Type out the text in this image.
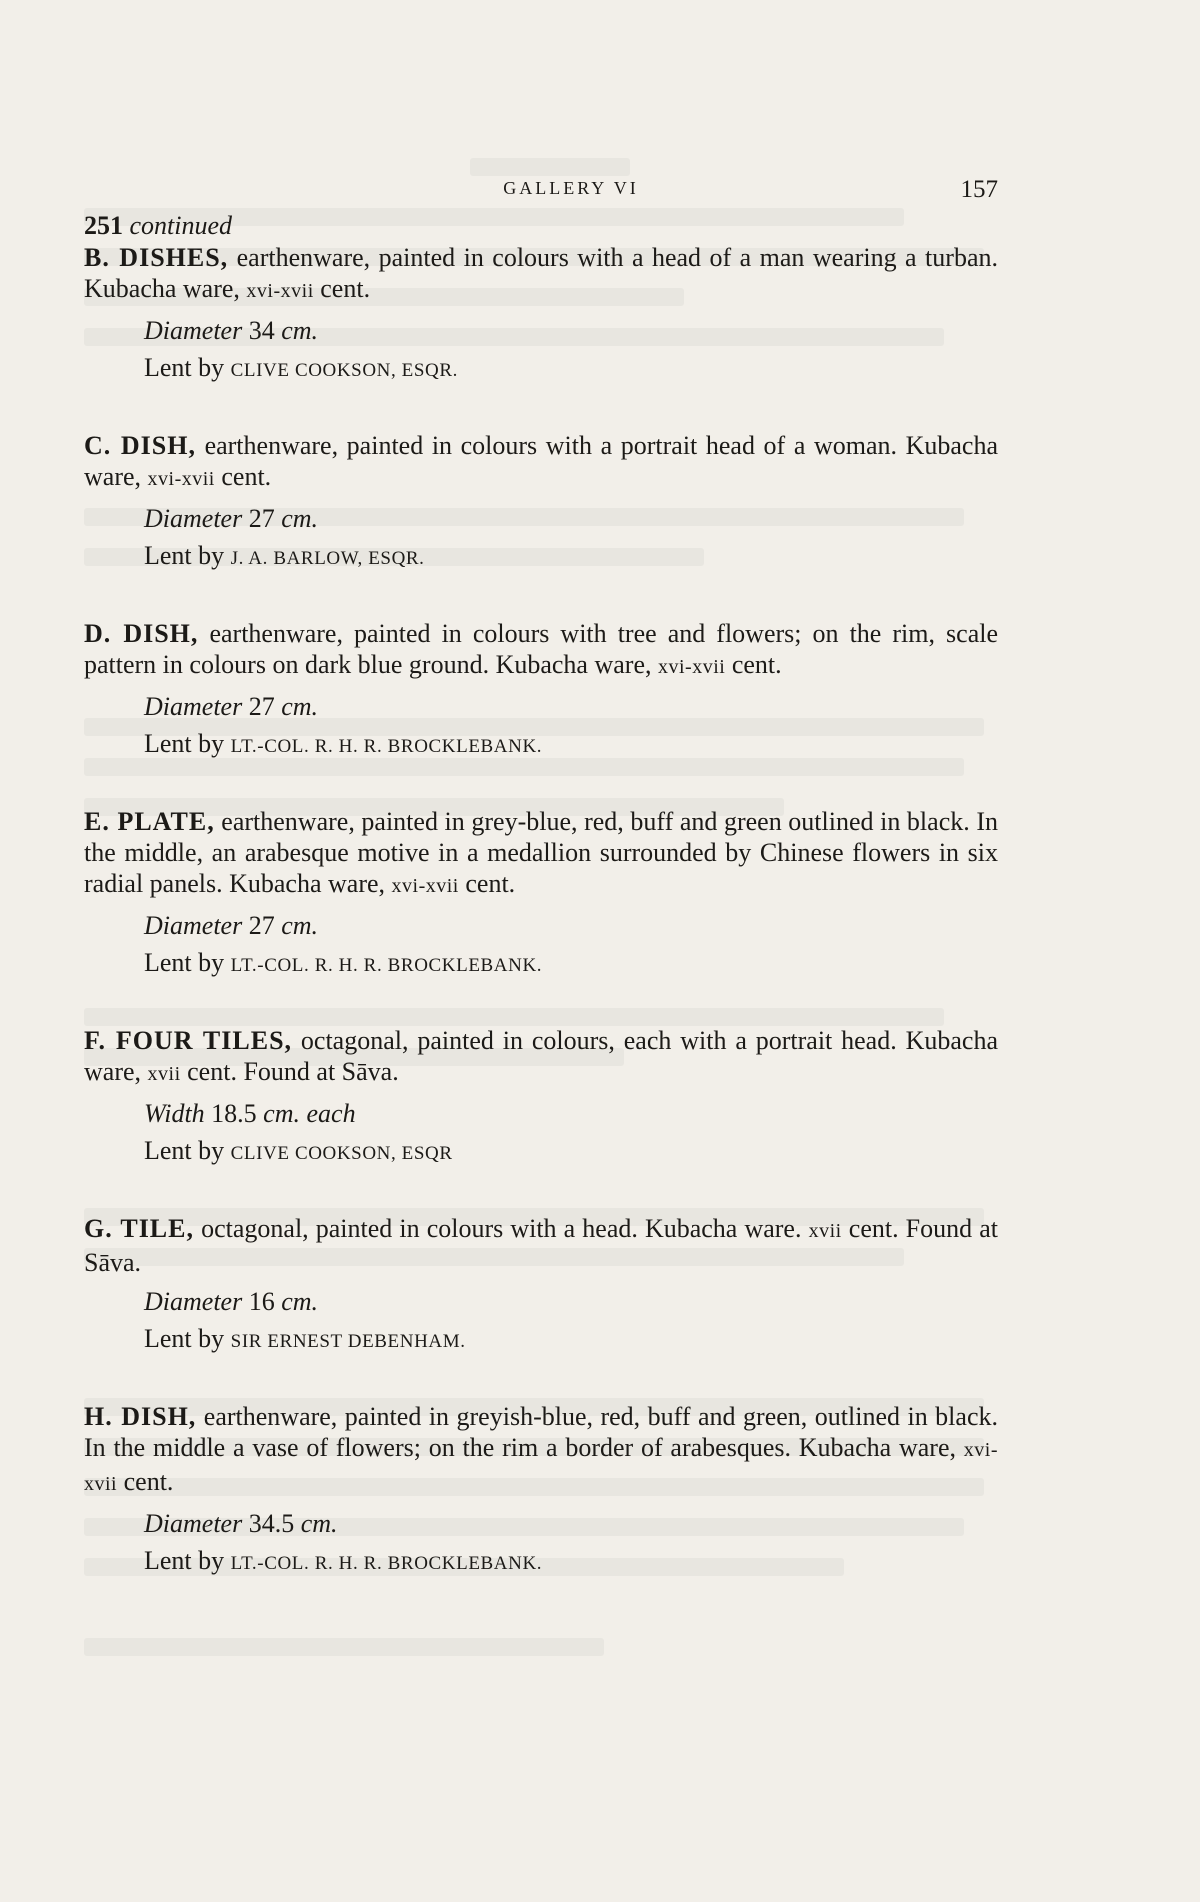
GALLERY VI	157

251 continued

B. DISHES, earthenware, painted in colours with a head of a man wearing a turban. Kubacha ware, xvi-xvii cent.

Diameter 34 cm.

Lent by CLIVE COOKSON, ESQR.

C. DISH, earthenware, painted in colours with a portrait head of a woman. Kubacha ware, xvi-xvii cent.

Diameter 27 cm.

Lent by J. A. BARLOW, ESQR.

D. DISH, earthenware, painted in colours with tree and flowers; on the rim, scale pattern in colours on dark blue ground. Kubacha ware, xvi-xvii cent.

Diameter 27 cm.

Lent by LT.-COL. R. H. R. BROCKLEBANK.

E. PLATE, earthenware, painted in grey-blue, red, buff and green outlined in black. In the middle, an arabesque motive in a medallion surrounded by Chinese flowers in six radial panels. Kubacha ware, xvi-xvii cent.

Diameter 27 cm.

Lent by LT.-COL. R. H. R. BROCKLEBANK.

F. FOUR TILES, octagonal, painted in colours, each with a portrait head. Kubacha ware, xvii cent. Found at Sāva.

Width 18.5 cm. each

Lent by CLIVE COOKSON, ESQR

G. TILE, octagonal, painted in colours with a head. Kubacha ware. xvii cent. Found at Sāva.

Diameter 16 cm.

Lent by SIR ERNEST DEBENHAM.

H. DISH, earthenware, painted in greyish-blue, red, buff and green, outlined in black. In the middle a vase of flowers; on the rim a border of arabesques. Kubacha ware, xvi-xvii cent.

Diameter 34.5 cm.

Lent by LT.-COL. R. H. R. BROCKLEBANK.
